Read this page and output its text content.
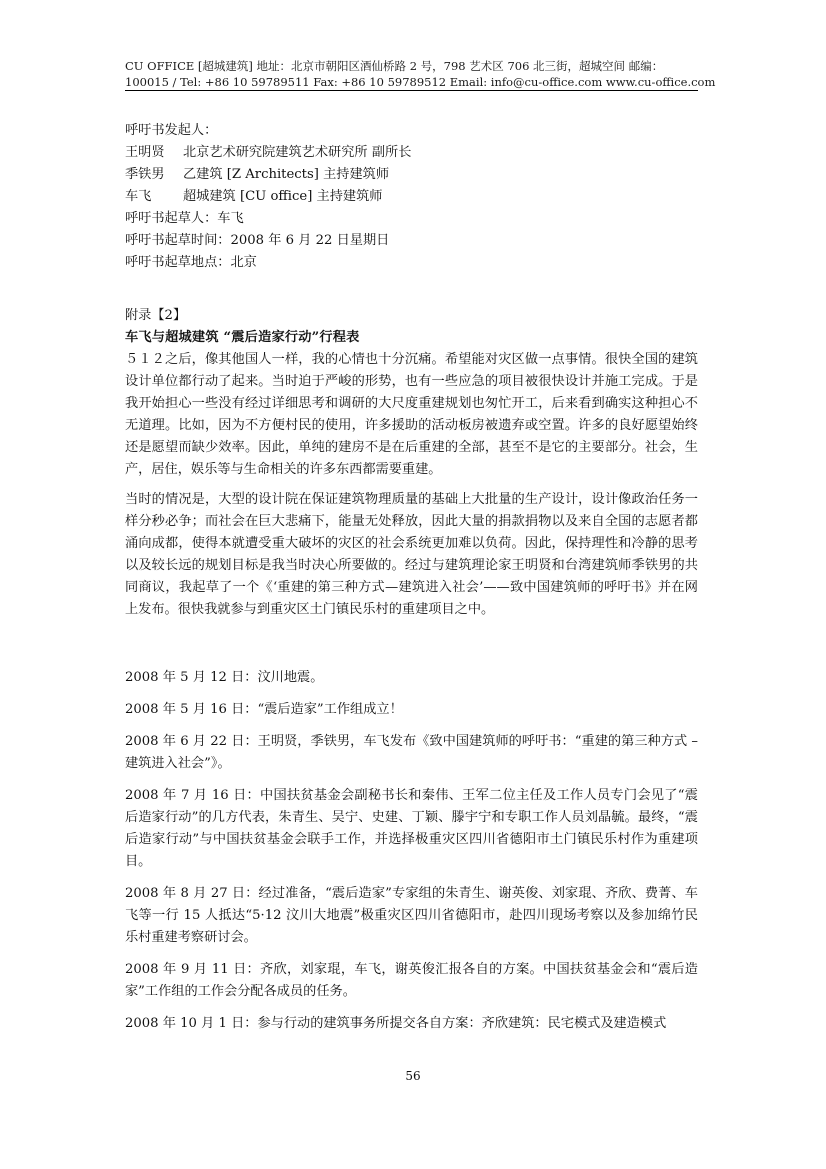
CU OFFICE [超城建筑] 地址：北京市朝阳区酒仙桥路 2 号，798 艺术区 706 北三街，超城空间 邮编：
100015 / Tel: +86 10 59789511 Fax: +86 10 59789512 Email: info@cu-office.com www.cu-office.com

呼吁书发起人：

王明贤 北京艺术研究院建筑艺术研究所 副所长

季铁男 乙建筑 [Z Architects] 主持建筑师

车飞 超城建筑 [CU office] 主持建筑师

呼吁书起草人：车飞

呼吁书起草时间：2008 年 6 月 22 日星期日

呼吁书起草地点：北京

附录【2】

车飞与超城建筑 “震后造家行动”行程表

５１２之后，像其他国人一样，我的心情也十分沉痛。希望能对灾区做一点事情。很快全国的建筑设计单位都行动了起来。当时迫于严峻的形势，也有一些应急的项目被很快设计并施工完成。于是我开始担心一些没有经过详细思考和调研的大尺度重建规划也匆忙开工，后来看到确实这种担心不无道理。比如，因为不方便村民的使用，许多援助的活动板房被遗弃或空置。许多的良好愿望始终还是愿望而缺少效率。因此，单纯的建房不是在后重建的全部，甚至不是它的主要部分。社会，生产，居住，娱乐等与生命相关的许多东西都需要重建。

当时的情况是，大型的设计院在保证建筑物理质量的基础上大批量的生产设计，设计像政治任务一样分秒必争；而社会在巨大悲痛下，能量无处释放，因此大量的捐款捐物以及来自全国的志愿者都涌向成都，使得本就遭受重大破坏的灾区的社会系统更加难以负荷。因此，保持理性和冷静的思考以及较长远的规划目标是我当时决心所要做的。经过与建筑理论家王明贤和台湾建筑师季铁男的共同商议，我起草了一个《‘重建的第三种方式—建筑进入社会’——致中国建筑师的呼吁书》并在网上发布。很快我就参与到重灾区土门镇民乐村的重建项目之中。

2008 年 5 月 12 日：汶川地震。

2008 年 5 月 16 日：“震后造家”工作组成立！

2008 年 6 月 22 日：王明贤，季铁男，车飞发布《致中国建筑师的呼吁书：“重建的第三种方式 – 建筑进入社会”》。

2008 年 7 月 16 日：中国扶贫基金会副秘书长和秦伟、王军二位主任及工作人员专门会见了“震后造家行动”的几方代表，朱青生、吴宁、史建、丁颖、滕宇宁和专职工作人员刘晶毓。最终，“震后造家行动”与中国扶贫基金会联手工作，并选择极重灾区四川省德阳市土门镇民乐村作为重建项目。

2008 年 8 月 27 日：经过准备，“震后造家”专家组的朱青生、谢英俊、刘家琨、齐欣、费菁、车飞等一行 15 人抵达“5·12 汶川大地震”极重灾区四川省德阳市，赴四川现场考察以及参加绵竹民乐村重建考察研讨会。

2008 年 9 月 11 日：齐欣，刘家琨，车飞，谢英俊汇报各自的方案。中国扶贫基金会和“震后造家”工作组的工作会分配各成员的任务。

2008 年 10 月 1 日：参与行动的建筑事务所提交各自方案：齐欣建筑：民宅模式及建造模式

56
